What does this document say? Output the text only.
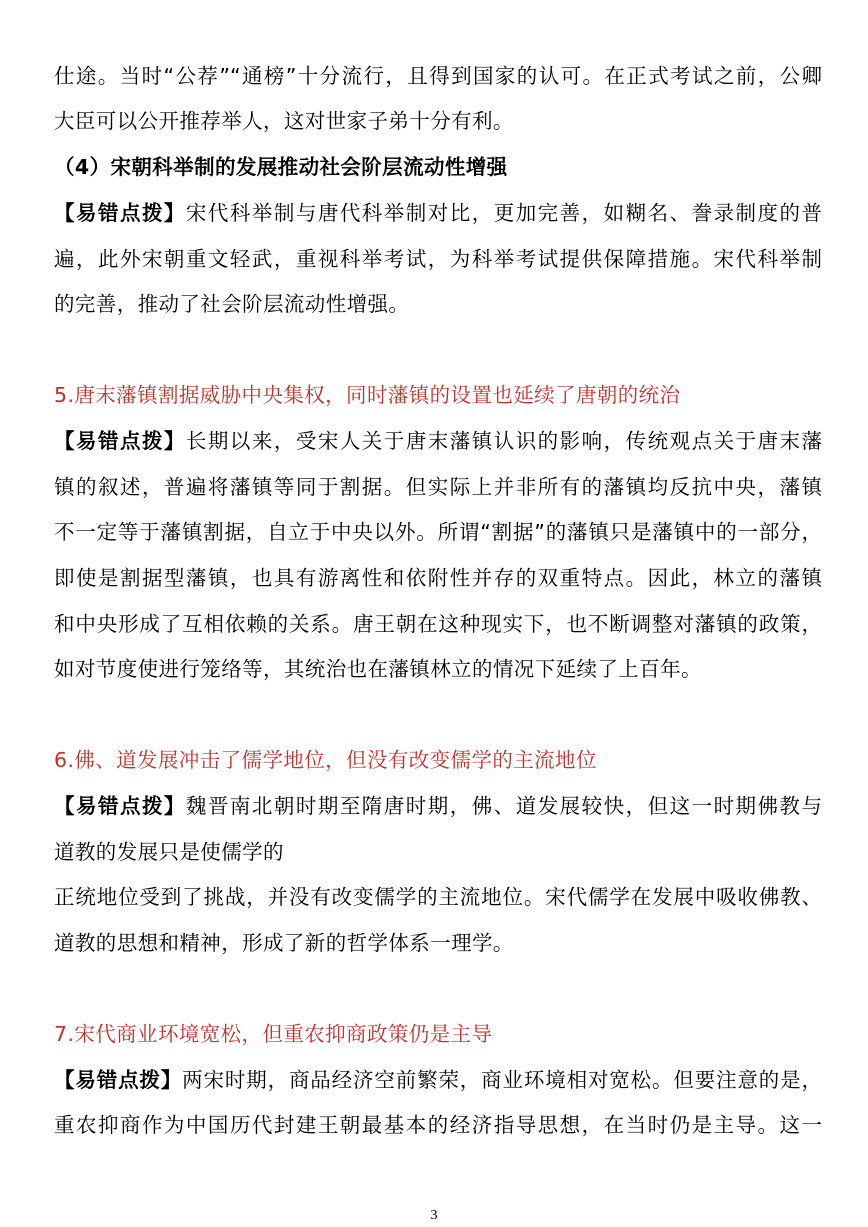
仕途。当时“公荐”“通榜”十分流行，且得到国家的认可。在正式考试之前，公卿
大臣可以公开推荐举人，这对世家子弟十分有利。
（4）宋朝科举制的发展推动社会阶层流动性增强
【易错点拨】宋代科举制与唐代科举制对比，更加完善，如糊名、誊录制度的普
遍，此外宋朝重文轻武，重视科举考试，为科举考试提供保障措施。宋代科举制
的完善，推动了社会阶层流动性增强。
5.唐末藩镇割据威胁中央集权，同时藩镇的设置也延续了唐朝的统治
【易错点拨】长期以来，受宋人关于唐末藩镇认识的影响，传统观点关于唐末藩
镇的叙述，普遍将藩镇等同于割据。但实际上并非所有的藩镇均反抗中央，藩镇
不一定等于藩镇割据，自立于中央以外。所谓“割据”的藩镇只是藩镇中的一部分，
即使是割据型藩镇，也具有游离性和依附性并存的双重特点。因此，林立的藩镇
和中央形成了互相依赖的关系。唐王朝在这种现实下，也不断调整对藩镇的政策，
如对节度使进行笼络等，其统治也在藩镇林立的情况下延续了上百年。
6.佛、道发展冲击了儒学地位，但没有改变儒学的主流地位
【易错点拨】魏晋南北朝时期至隋唐时期，佛、道发展较快，但这一时期佛教与
道教的发展只是使儒学的
正统地位受到了挑战，并没有改变儒学的主流地位。宋代儒学在发展中吸收佛教、
道教的思想和精神，形成了新的哲学体系一理学。
7.宋代商业环境宽松，但重农抑商政策仍是主导
【易错点拨】两宋时期，商品经济空前繁荣，商业环境相对宽松。但要注意的是，
重农抑商作为中国历代封建王朝最基本的经济指导思想，在当时仍是主导。这一
3
